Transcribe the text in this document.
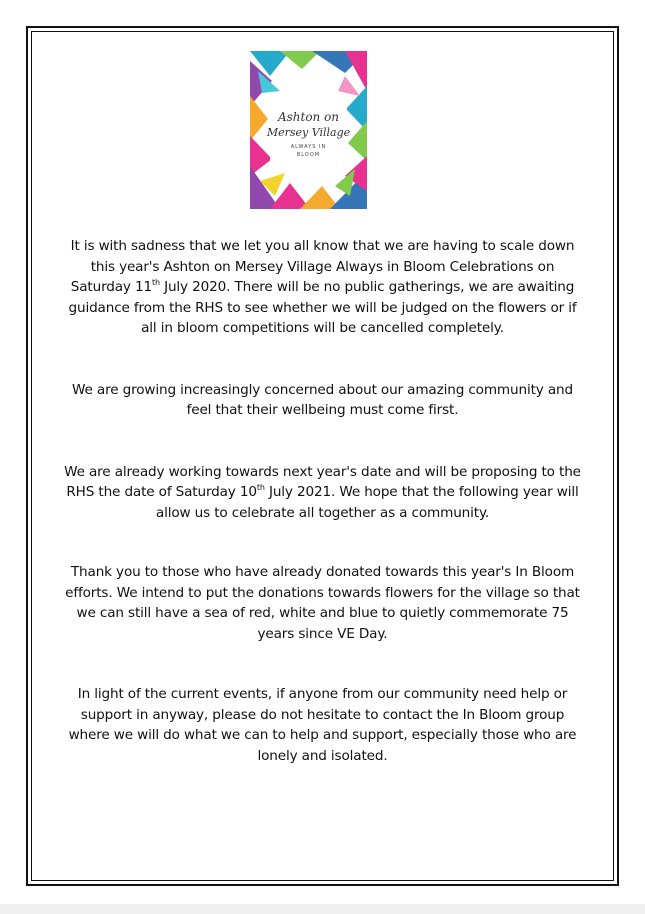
Ashton on
Mersey Village
ALWAYS IN
BLOOM

It is with sadness that we let you all know that we are having to scale down this year's Ashton on Mersey Village Always in Bloom Celebrations on Saturday 11th July 2020. There will be no public gatherings, we are awaiting guidance from the RHS to see whether we will be judged on the flowers or if all in bloom competitions will be cancelled completely.

We are growing increasingly concerned about our amazing community and feel that their wellbeing must come first.

We are already working towards next year's date and will be proposing to the RHS the date of Saturday 10th July 2021. We hope that the following year will allow us to celebrate all together as a community.

Thank you to those who have already donated towards this year's In Bloom efforts. We intend to put the donations towards flowers for the village so that we can still have a sea of red, white and blue to quietly commemorate 75 years since VE Day.

In light of the current events, if anyone from our community need help or support in anyway, please do not hesitate to contact the In Bloom group where we will do what we can to help and support, especially those who are lonely and isolated.
